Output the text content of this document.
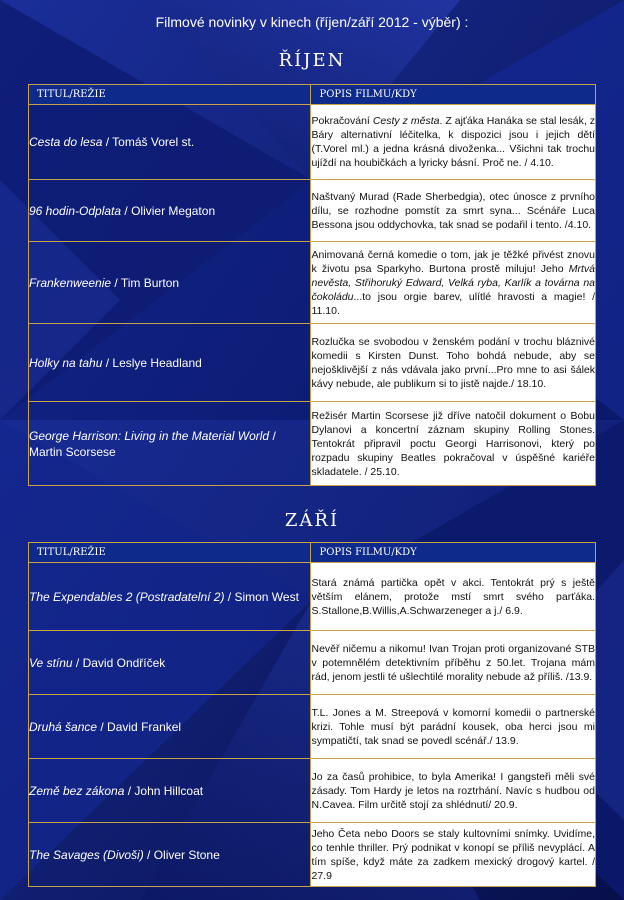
Filmové novinky v kinech (říjen/září 2012 - výběr) :
ŘÍJEN
TITUL/REŽIE	POPIS FILMU/KDY
Cesta do lesa / Tomáš Vorel st.	Pokračování Cesty z města. Z ajťáka Hanáka se stal lesák, z Báry alternativní léčitelka, k dispozici jsou i jejich dětí (T.Vorel ml.) a jedna krásná divoženka... Všichni tak trochu ujíždí na houbičkách a lyricky básní. Proč ne. / 4.10.
96 hodin-Odplata / Olivier Megaton	Naštvaný Murad (Rade Sherbedgia), otec únosce z prvního dílu, se rozhodne pomstít za smrt syna... Scénáře Luca Bessona jsou oddychovka, tak snad se podařil i tento. /4.10.
Frankenweenie / Tim Burton	Animovaná černá komedie o tom, jak je těžké přivést znovu k životu psa Sparkyho. Burtona prostě miluju! Jeho Mrtvá nevěsta, Střihoruký Edward, Velká ryba, Karlík a továrna na čokoládu...to jsou orgie barev, ulítlé hravosti a magie! / 11.10.
Holky na tahu / Leslye Headland	Rozlučka se svobodou v ženském podání v trochu bláznivé komedii s Kirsten Dunst. Toho bohdá nebude, aby se nejošklivější z nás vdávala jako první...Pro mne to asi šálek kávy nebude, ale publikum si to jistě najde./ 18.10.
George Harrison: Living in the Material World / Martin Scorsese	Režisér Martin Scorsese již dříve natočil dokument o Bobu Dylanovi a koncertní záznam skupiny Rolling Stones. Tentokrát připravil poctu Georgi Harrisonovi, který po rozpadu skupiny Beatles pokračoval v úspěšné kariéře skladatele. / 25.10.
ZÁŘÍ
TITUL/REŽIE	POPIS FILMU/KDY
The Expendables 2 (Postradatelní 2) / Simon West	Stará známá partička opět v akci. Tentokrát prý s ještě větším elánem, protože mstí smrt svého parťáka. S.Stallone,B.Willis,A.Schwarzeneger a j./ 6.9.
Ve stínu / David Ondříček	Nevěř ničemu a nikomu! Ivan Trojan proti organizované STB v potemnělém detektivním příběhu z 50.let. Trojana mám rád, jenom jestli té ušlechtilé morality nebude až příliš. /13.9.
Druhá šance / David Frankel	T.L. Jones a M. Streepová v komorní komedii o partnerské krizi. Tohle musí být parádní kousek, oba herci jsou mi sympatičtí, tak snad se povedl scénář./ 13.9.
Země bez zákona / John Hillcoat	Jo za časů prohibice, to byla Amerika! I gangsteři měli své zásady. Tom Hardy je letos na roztrhání. Navíc s hudbou od N.Cavea. Film určitě stojí za shlédnutí/ 20.9.
The Savages (Divoši) / Oliver Stone	Jeho Četa nebo Doors se staly kultovními snímky. Uvidíme, co tenhle thriller. Prý podnikat v konopí se příliš nevyplácí. A tím spíše, když máte za zadkem mexický drogový kartel. / 27.9
